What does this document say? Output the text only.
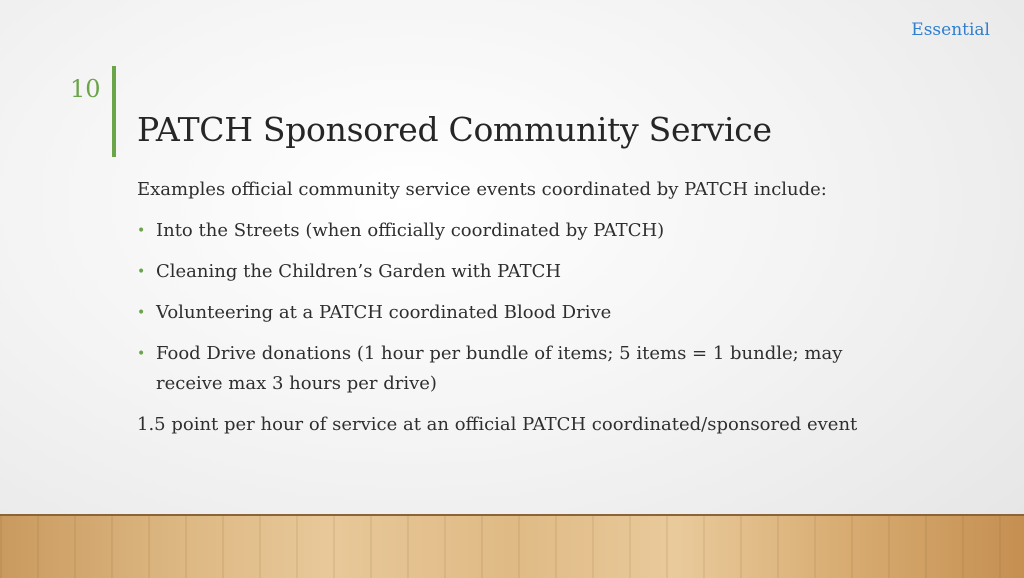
Essential
10
PATCH Sponsored Community Service

Examples official community service events coordinated by PATCH include:

• Into the Streets (when officially coordinated by PATCH)
• Cleaning the Children’s Garden with PATCH
• Volunteering at a PATCH coordinated Blood Drive
• Food Drive donations (1 hour per bundle of items; 5 items = 1 bundle; may receive max 3 hours per drive)

1.5 point per hour of service at an official PATCH coordinated/sponsored event
